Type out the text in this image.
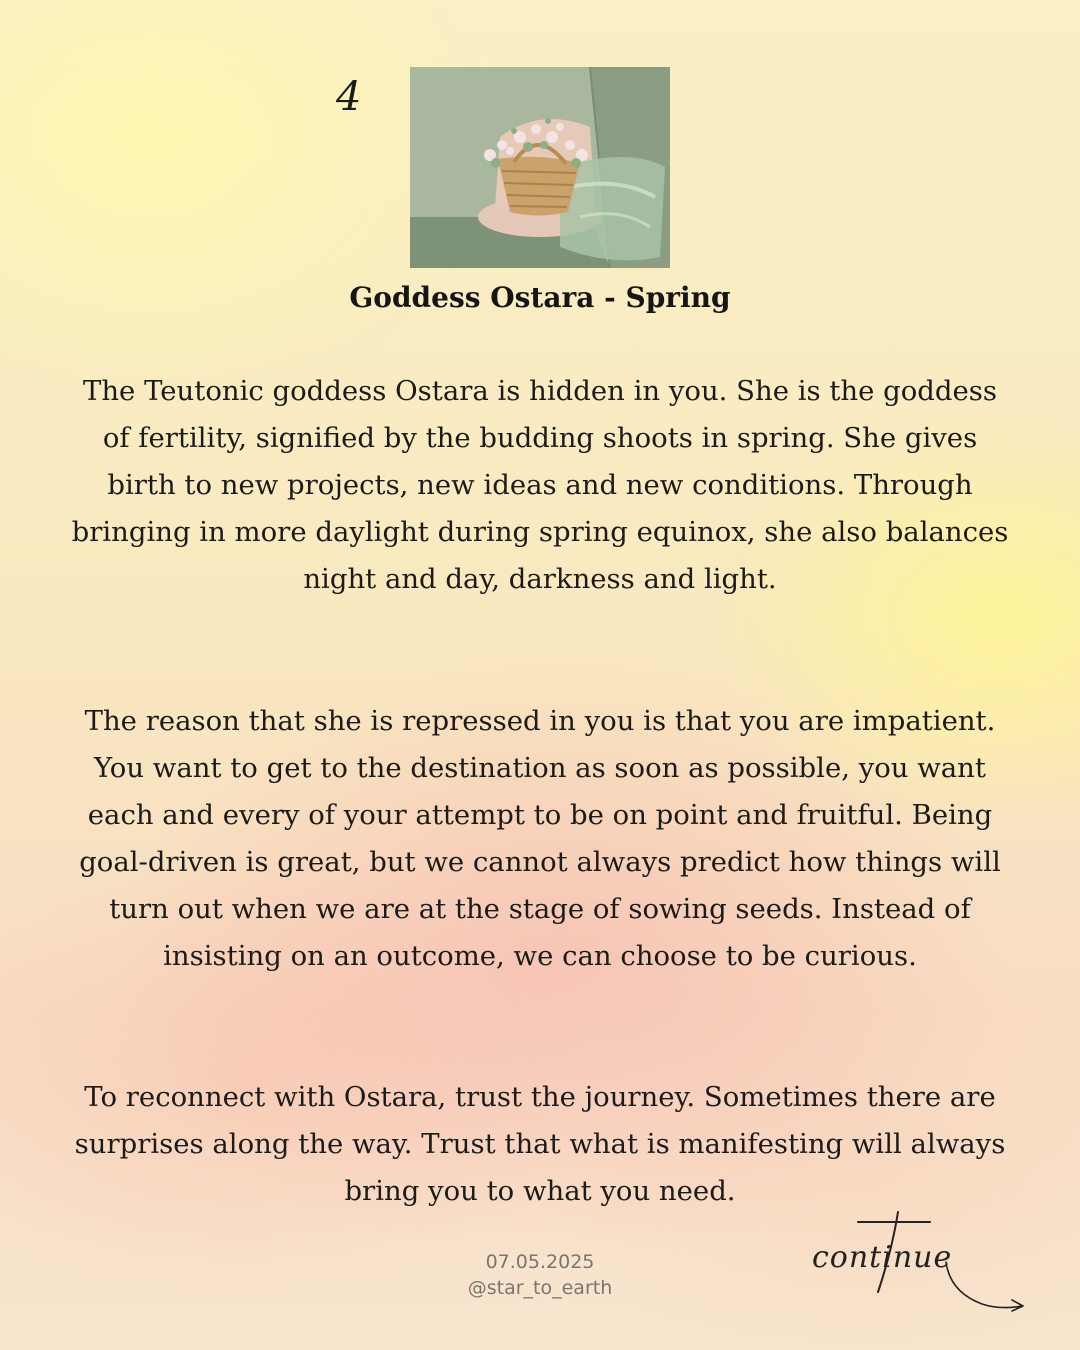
4
Goddess Ostara - Spring

The Teutonic goddess Ostara is hidden in you. She is the goddess of fertility, signified by the budding shoots in spring. She gives birth to new projects, new ideas and new conditions. Through bringing in more daylight during spring equinox, she also balances night and day, darkness and light.

The reason that she is repressed in you is that you are impatient. You want to get to the destination as soon as possible, you want each and every of your attempt to be on point and fruitful. Being goal-driven is great, but we cannot always predict how things will turn out when we are at the stage of sowing seeds. Instead of insisting on an outcome, we can choose to be curious.

To reconnect with Ostara, trust the journey. Sometimes there are surprises along the way. Trust that what is manifesting will always bring you to what you need.

07.05.2025
@star_to_earth
continue
